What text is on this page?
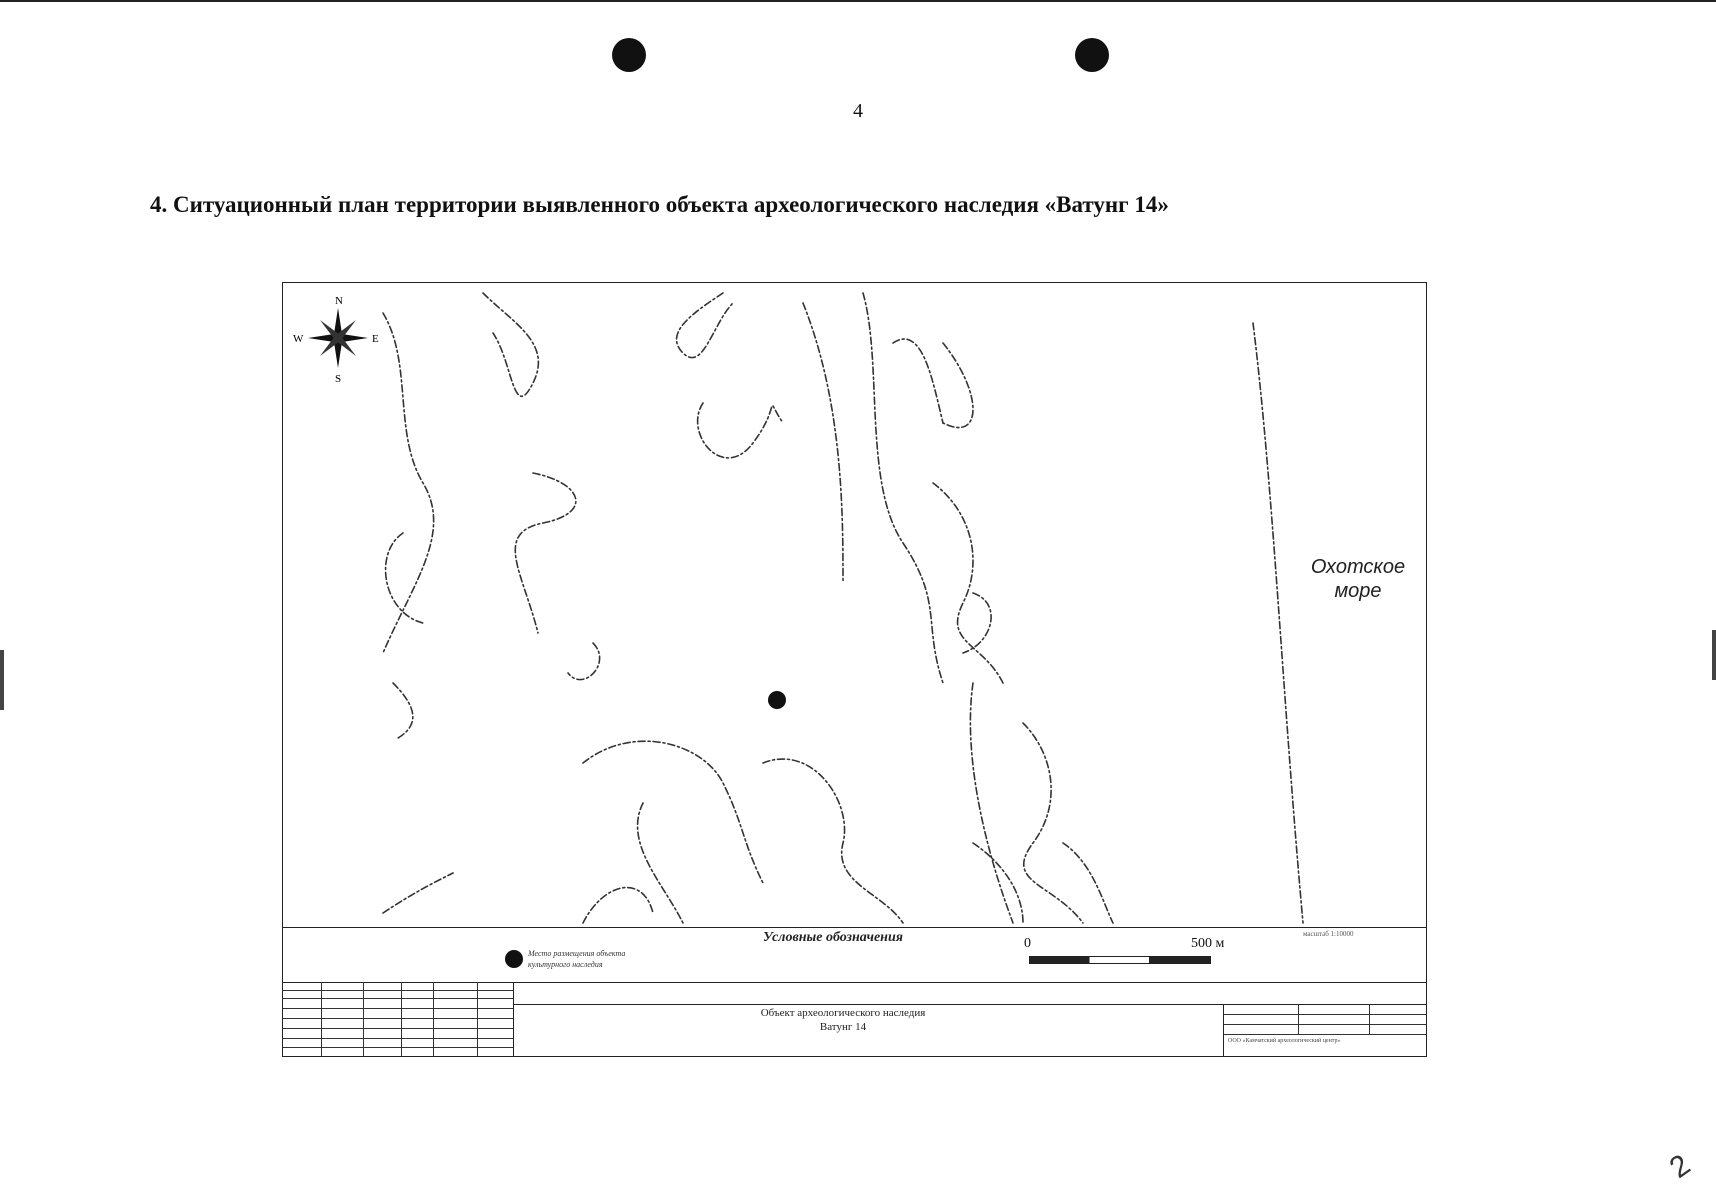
4
4. Ситуационный план территории выявленного объекта археологического наследия «Ватунг 14»
N
S
W	E
Охотское
море
Условные обозначения
Место размещения объекта культурного наследия
0	500 м
масштаб 1:10000
Объект археологического наследия
Ватунг 14
ООО «Камчатский археологический центр»
2
